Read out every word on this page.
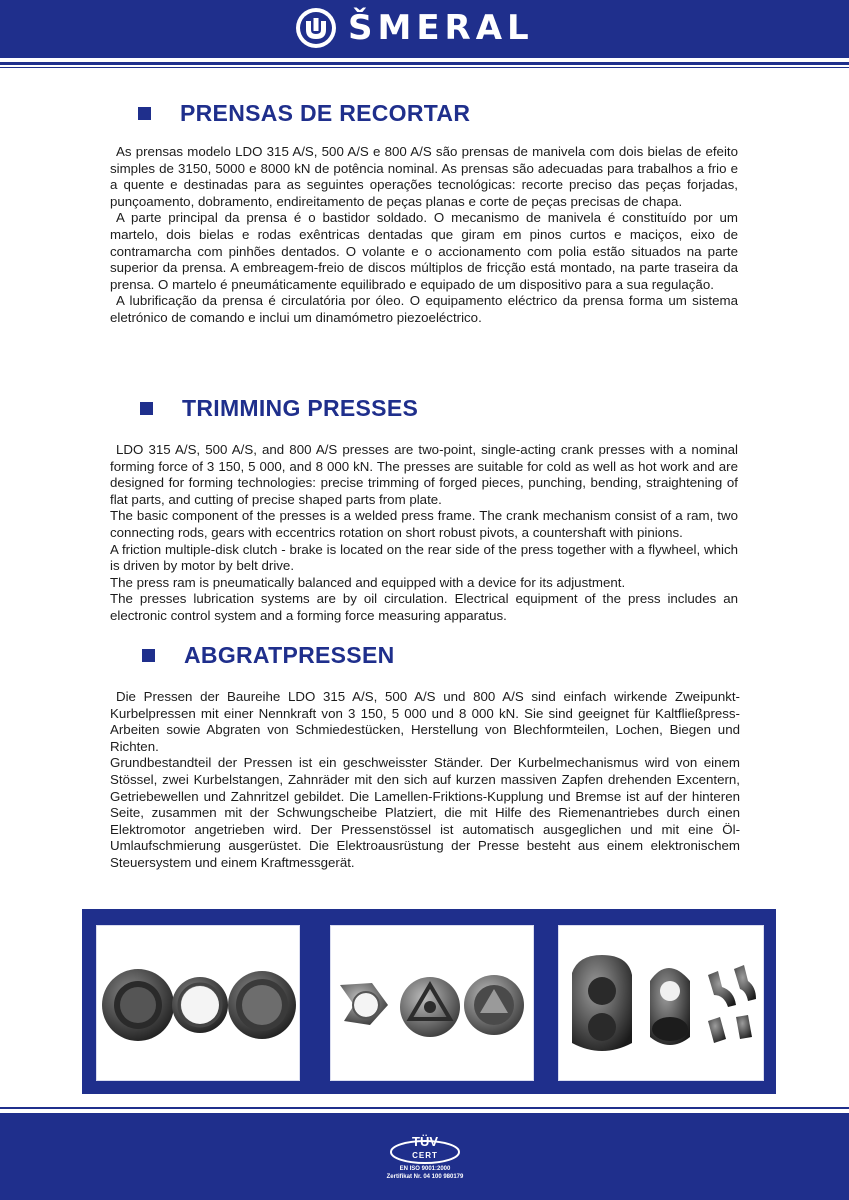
ŠMERAL
PRENSAS DE RECORTAR

As prensas modelo LDO 315 A/S, 500 A/S e 800 A/S são prensas de manivela com dois bielas de efeito simples de 3150, 5000 e 8000 kN de potência nominal. As prensas são adecuadas para trabalhos a frio e a quente e destinadas para as seguintes operações tecnológicas: recorte preciso das peças forjadas, punçoamento, dobramento, endireitamento de peças planas e corte de peças precisas de chapa.

A parte principal da prensa é o bastidor soldado. O mecanismo de manivela é constituído por um martelo, dois bielas e rodas exêntricas dentadas que giram em pinos curtos e maciços, eixo de contramarcha com pinhões dentados. O volante e o accionamento com polia estão situados na parte superior da prensa. A embreagem-freio de discos múltiplos de fricção está montado, na parte traseira da prensa. O martelo é pneumáticamente equilibrado e equipado de um dispositivo para a sua regulação.

A lubrificação da prensa é circulatória por óleo. O equipamento eléctrico da prensa forma um sistema eletrónico de comando e inclui um dinamómetro piezoeléctrico.

TRIMMING PRESSES

LDO 315 A/S, 500 A/S, and 800 A/S presses are two-point, single-acting crank presses with a nominal forming force of 3 150, 5 000, and 8 000 kN. The presses are suitable for cold as well as hot work and are designed for forming technologies: precise trimming of forged pieces, punching, bending, straightening of flat parts, and cutting of precise shaped parts from plate.

The basic component of the presses is a welded press frame. The crank mechanism consist of a ram, two connecting rods, gears with eccentrics rotation on short robust pivots, a countershaft with pinions.

A friction multiple-disk clutch - brake is located on the rear side of the press together with a flywheel, which is driven by motor by belt drive.

The press ram is pneumatically balanced and equipped with a device for its adjustment.

The presses lubrication systems are by oil circulation. Electrical equipment of the press includes an electronic control system and a forming force measuring apparatus.

ABGRATPRESSEN

Die Pressen der Baureihe LDO 315 A/S, 500 A/S und 800 A/S sind einfach wirkende Zweipunkt-Kurbelpressen mit einer Nennkraft von 3 150, 5 000 und 8 000 kN. Sie sind geeignet für Kaltfließpress-Arbeiten sowie Abgraten von Schmiedestücken, Herstellung von Blechformteilen, Lochen, Biegen und Richten.

Grundbestandteil der Pressen ist ein geschweisster Ständer. Der Kurbelmechanismus wird von einem Stössel, zwei Kurbelstangen, Zahnräder mit den sich auf kurzen massiven Zapfen drehenden Excentern, Getriebewellen und Zahnritzel gebildet. Die Lamellen-Friktions-Kupplung und Bremse ist auf der hinteren Seite, zusammen mit der Schwungscheibe Platziert, die mit Hilfe des Riemenantriebes durch einen Elektromotor angetrieben wird. Der Pressenstössel ist automatisch ausgeglichen und mit eine Öl-Umlaufschmierung ausgerüstet. Die Elektroausrüstung der Presse besteht aus einem elektronischem Steuersystem und einem Kraftmessgerät.

TÜV
CERT
EN ISO 9001:2000
Zertifikat Nr. 04 100 980179
